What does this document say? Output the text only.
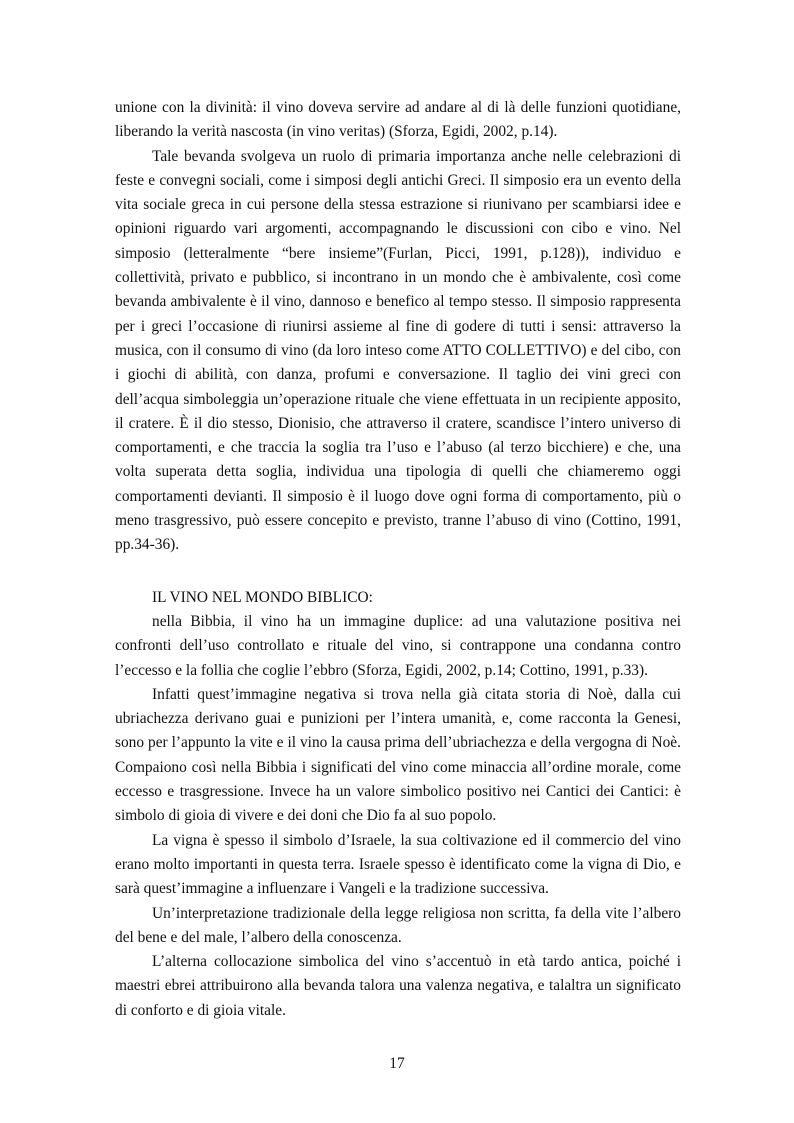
unione con la divinità: il vino doveva servire ad andare al di là delle funzioni quotidiane, liberando la verità nascosta (in vino veritas) (Sforza, Egidi, 2002, p.14).

Tale bevanda svolgeva un ruolo di primaria importanza anche nelle celebrazioni di feste e convegni sociali, come i simposi degli antichi Greci. Il simposio era un evento della vita sociale greca in cui persone della stessa estrazione si riunivano per scambiarsi idee e opinioni riguardo vari argomenti, accompagnando le discussioni con cibo e vino. Nel simposio (letteralmente “bere insieme”(Furlan, Picci, 1991, p.128)), individuo e collettività, privato e pubblico, si incontrano in un mondo che è ambivalente, così come bevanda ambivalente è il vino, dannoso e benefico al tempo stesso. Il simposio rappresenta per i greci l’occasione di riunirsi assieme al fine di godere di tutti i sensi: attraverso la musica, con il consumo di vino (da loro inteso come ATTO COLLETTIVO) e del cibo, con i giochi di abilità, con danza, profumi e conversazione. Il taglio dei vini greci con dell’acqua simboleggia un’operazione rituale che viene effettuata in un recipiente apposito, il cratere. È il dio stesso, Dionisio, che attraverso il cratere, scandisce l’intero universo di comportamenti, e che traccia la soglia tra l’uso e l’abuso (al terzo bicchiere) e che, una volta superata detta soglia, individua una tipologia di quelli che chiameremo oggi comportamenti devianti. Il simposio è il luogo dove ogni forma di comportamento, più o meno trasgressivo, può essere concepito e previsto, tranne l’abuso di vino (Cottino, 1991, pp.34-36).

IL VINO NEL MONDO BIBLICO:

nella Bibbia, il vino ha un immagine duplice: ad una valutazione positiva nei confronti dell’uso controllato e rituale del vino, si contrappone una condanna contro l’eccesso e la follia che coglie l’ebbro (Sforza, Egidi, 2002, p.14; Cottino, 1991, p.33).

Infatti quest’immagine negativa si trova nella già citata storia di Noè, dalla cui ubriachezza derivano guai e punizioni per l’intera umanità, e, come racconta la Genesi, sono per l’appunto la vite e il vino la causa prima dell’ubriachezza e della vergogna di Noè. Compaiono così nella Bibbia i significati del vino come minaccia all’ordine morale, come eccesso e trasgressione. Invece ha un valore simbolico positivo nei Cantici dei Cantici: è simbolo di gioia di vivere e dei doni che Dio fa al suo popolo.

La vigna è spesso il simbolo d’Israele, la sua coltivazione ed il commercio del vino erano molto importanti in questa terra. Israele spesso è identificato come la vigna di Dio, e sarà quest’immagine a influenzare i Vangeli e la tradizione successiva.

Un’interpretazione tradizionale della legge religiosa non scritta, fa della vite l’albero del bene e del male, l’albero della conoscenza.

L’alterna collocazione simbolica del vino s’accentuò in età tardo antica, poiché i maestri ebrei attribuirono alla bevanda talora una valenza negativa, e talaltra un significato di conforto e di gioia vitale.

17
